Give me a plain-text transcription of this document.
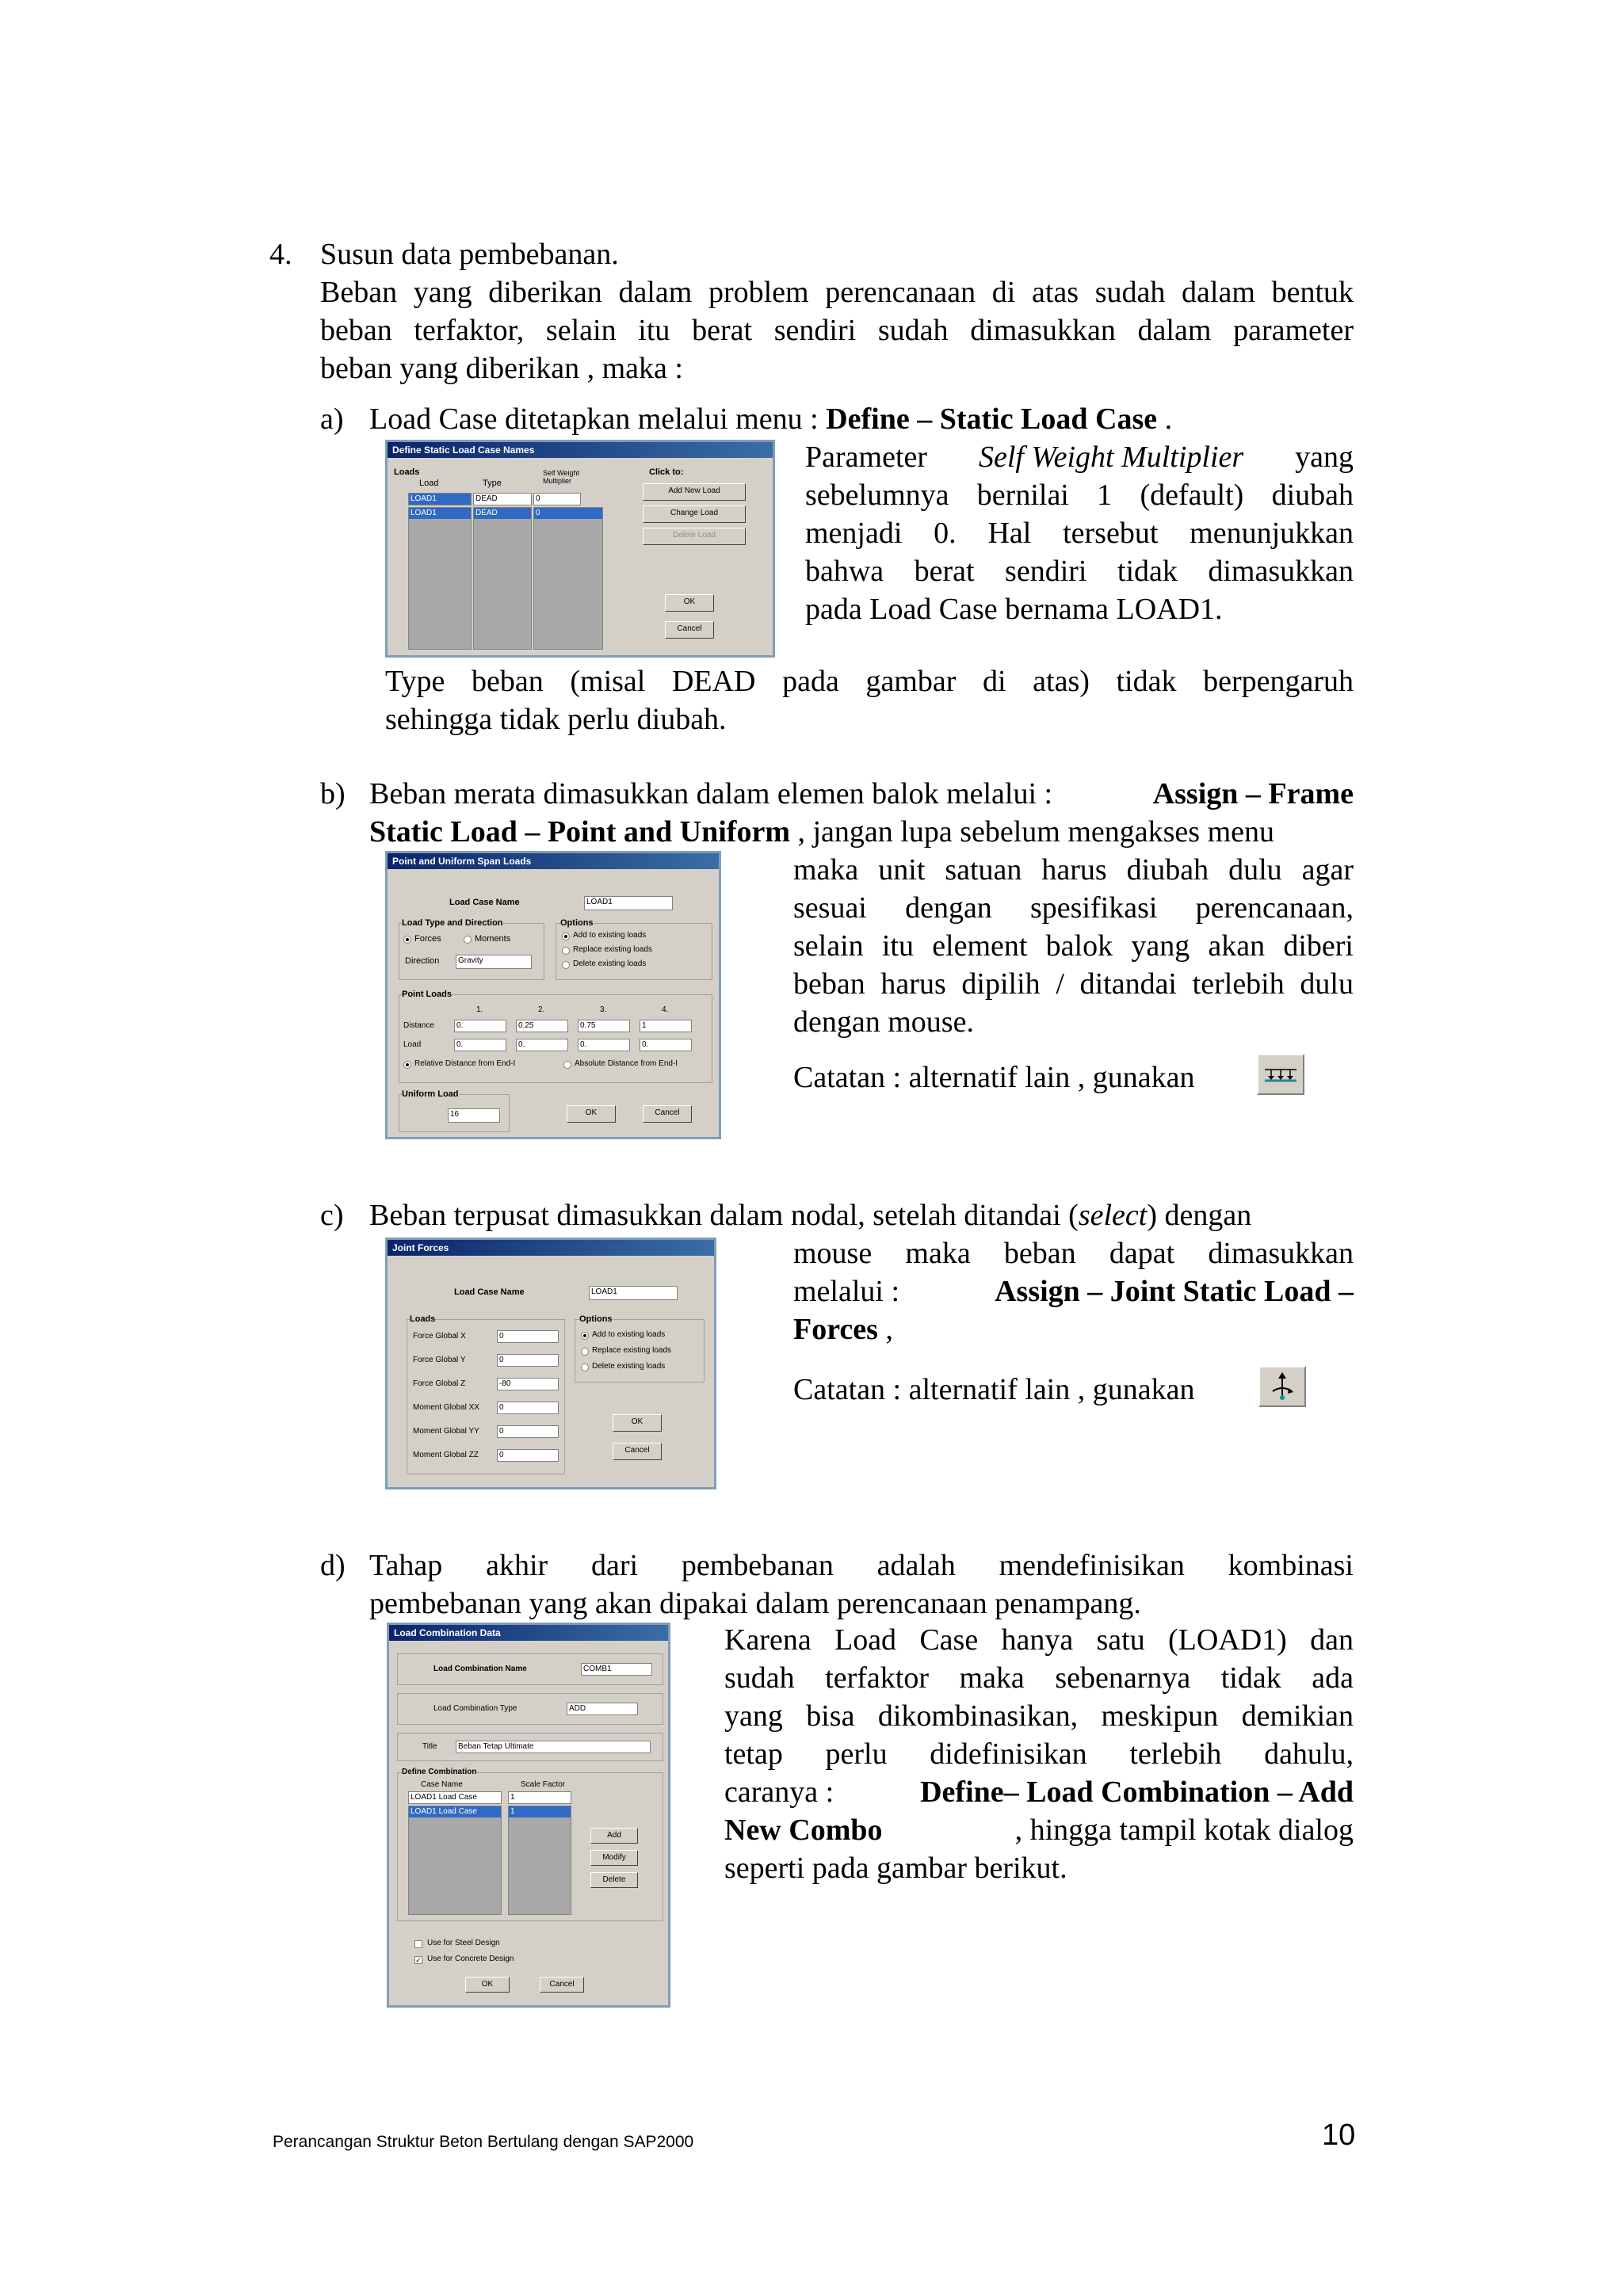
4. Susun data pembebanan.
Beban yang diberikan dalam problem perencanaan di atas sudah dalam bentuk
beban terfaktor, selain itu berat sendiri sudah dimasukkan dalam parameter
beban yang diberikan , maka :
a) Load Case ditetapkan melalui menu : Define – Static Load Case .
Define Static Load Case Names
Loads
Load	Type
Self Weight Multiplier
LOAD1	DEAD	0
LOAD1	DEAD	0
Click to:
Add New Load
Change Load
Delete Load
OK
Cancel
Parameter Self Weight Multiplier yang
sebelumnya bernilai 1 (default) diubah
menjadi 0. Hal tersebut menunjukkan
bahwa berat sendiri tidak dimasukkan
pada Load Case bernama LOAD1.
Type beban (misal DEAD pada gambar di atas) tidak berpengaruh
sehingga tidak perlu diubah.
b) Beban merata dimasukkan dalam elemen balok melalui :	Assign – Frame
Static Load – Point and Uniform , jangan lupa sebelum mengakses menu
Point and Uniform Span Loads
Load Case Name	LOAD1
Load Type and Direction
Forces	Moments
Direction	Gravity
Options
Add to existing loads
Replace existing loads
Delete existing loads
Point Loads
1.	2.	3.	4.
Distance	0.	0.25	0.75	1
Load	0.	0.	0.	0.
Relative Distance from End-I	Absolute Distance from End-I
Uniform Load
16	OK	Cancel
maka unit satuan harus diubah dulu agar
sesuai dengan spesifikasi perencanaan,
selain itu element balok yang akan diberi
beban harus dipilih / ditandai terlebih dulu
dengan mouse.
Catatan : alternatif lain , gunakan
c) Beban terpusat dimasukkan dalam nodal, setelah ditandai (select) dengan
Joint Forces
Load Case Name	LOAD1
Loads
Force Global X	0
Force Global Y	0
Force Global Z	-80
Moment Global XX	0
Moment Global YY	0
Moment Global ZZ	0
Options
Add to existing loads
Replace existing loads
Delete existing loads
OK
Cancel
mouse maka beban dapat dimasukkan
melalui :	Assign – Joint Static Load –
Forces ,
Catatan : alternatif lain , gunakan
d) Tahap akhir dari pembebanan adalah mendefinisikan kombinasi
pembebanan yang akan dipakai dalam perencanaan penampang.
Load Combination Data
Load Combination Name	COMB1
Load Combination Type	ADD
Title	Beban Tetap Ultimate
Define Combination
Case Name	Scale Factor
LOAD1 Load Case	1
LOAD1 Load Case	1
Add
Modify
Delete
Use for Steel Design
✓ Use for Concrete Design
OK	Cancel
Karena Load Case hanya satu (LOAD1) dan
sudah terfaktor maka sebenarnya tidak ada
yang bisa dikombinasikan, meskipun demikian
tetap perlu didefinisikan terlebih dahulu,
caranya :	Define– Load Combination – Add
New Combo	, hingga tampil kotak dialog
seperti pada gambar berikut.
Perancangan Struktur Beton Bertulang dengan SAP2000	10
